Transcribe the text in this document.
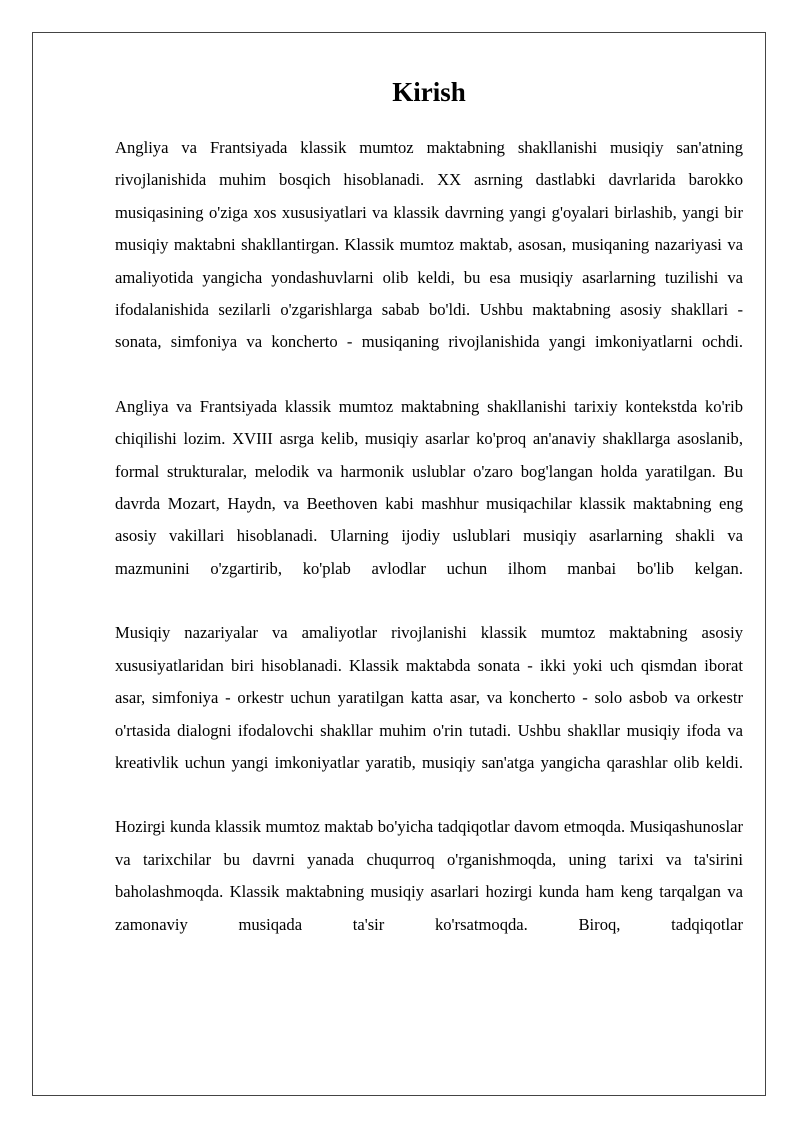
Kirish

Angliya va Frantsiyada klassik mumtoz maktabning shakllanishi musiqiy san'atning rivojlanishida muhim bosqich hisoblanadi. XX asrning dastlabki davrlarida barokko musiqasining o'ziga xos xususiyatlari va klassik davrning yangi g'oyalari birlashib, yangi bir musiqiy maktabni shakllantirgan. Klassik mumtoz maktab, asosan, musiqaning nazariyasi va amaliyotida yangicha yondashuvlarni olib keldi, bu esa musiqiy asarlarning tuzilishi va ifodalanishida sezilarli o'zgarishlarga sabab bo'ldi. Ushbu maktabning asosiy shakllari - sonata, simfoniya va koncherto - musiqaning rivojlanishida yangi imkoniyatlarni ochdi.

Angliya va Frantsiyada klassik mumtoz maktabning shakllanishi tarixiy kontekstda ko'rib chiqilishi lozim. XVIII asrga kelib, musiqiy asarlar ko'proq an'anaviy shakllarga asoslanib, formal strukturalar, melodik va harmonik uslublar o'zaro bog'langan holda yaratilgan. Bu davrda Mozart, Haydn, va Beethoven kabi mashhur musiqachilar klassik maktabning eng asosiy vakillari hisoblanadi. Ularning ijodiy uslublari musiqiy asarlarning shakli va mazmunini o'zgartirib, ko'plab avlodlar uchun ilhom manbai bo'lib kelgan.

Musiqiy nazariyalar va amaliyotlar rivojlanishi klassik mumtoz maktabning asosiy xususiyatlaridan biri hisoblanadi. Klassik maktabda sonata - ikki yoki uch qismdan iborat asar, simfoniya - orkestr uchun yaratilgan katta asar, va koncherto - solo asbob va orkestr o'rtasida dialogni ifodalovchi shakllar muhim o'rin tutadi. Ushbu shakllar musiqiy ifoda va kreativlik uchun yangi imkoniyatlar yaratib, musiqiy san'atga yangicha qarashlar olib keldi.

Hozirgi kunda klassik mumtoz maktab bo'yicha tadqiqotlar davom etmoqda. Musiqashunoslar va tarixchilar bu davrni yanada chuqurroq o'rganishmoqda, uning tarixi va ta'sirini baholashmoqda. Klassik maktabning musiqiy asarlari hozirgi kunda ham keng tarqalgan va zamonaviy musiqada ta'sir ko'rsatmoqda. Biroq, tadqiqotlar
